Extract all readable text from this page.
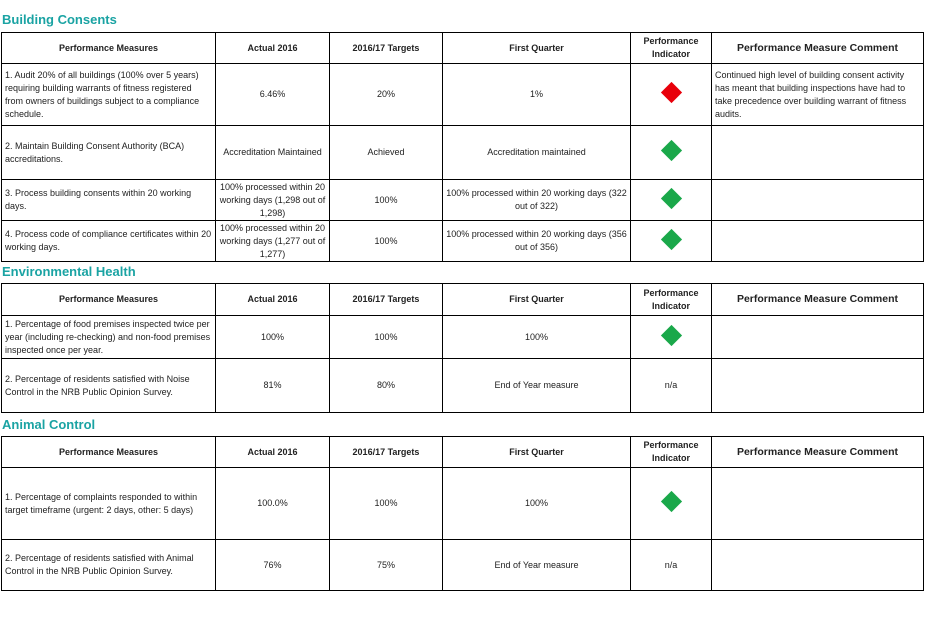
Building Consents
Performance Measures	Actual 2016	2016/17 Targets	First Quarter	Performance Indicator	Performance Measure Comment
1. Audit 20% of all buildings (100% over 5 years) requiring building warrants of fitness registered from owners of buildings subject to a compliance schedule.	6.46%	20%	1%		Continued high level of building consent activity has meant that building inspections have had to take precedence over building warrant of fitness audits.
2. Maintain Building Consent Authority (BCA) accreditations.	Accreditation Maintained	Achieved	Accreditation maintained		
3. Process building consents within 20 working days.	100% processed within 20 working days (1,298 out of 1,298)	100%	100% processed within 20 working days (322 out of 322)		
4. Process code of compliance certificates within 20 working days.	100% processed within 20 working days (1,277 out of 1,277)	100%	100% processed within 20 working days (356 out of 356)		
Environmental Health
Performance Measures	Actual 2016	2016/17 Targets	First Quarter	Performance Indicator	Performance Measure Comment
1. Percentage of food premises inspected twice per year (including re-checking) and non-food premises inspected once per year.	100%	100%	100%		
2. Percentage of residents satisfied with Noise Control in the NRB Public Opinion Survey.	81%	80%	End of Year measure	n/a	
Animal Control
Performance Measures	Actual 2016	2016/17 Targets	First Quarter	Performance Indicator	Performance Measure Comment
1. Percentage of complaints responded to within target timeframe (urgent: 2 days, other: 5 days)	100.0%	100%	100%		
2. Percentage of residents satisfied with Animal Control in the NRB Public Opinion Survey.	76%	75%	End of Year measure	n/a	
